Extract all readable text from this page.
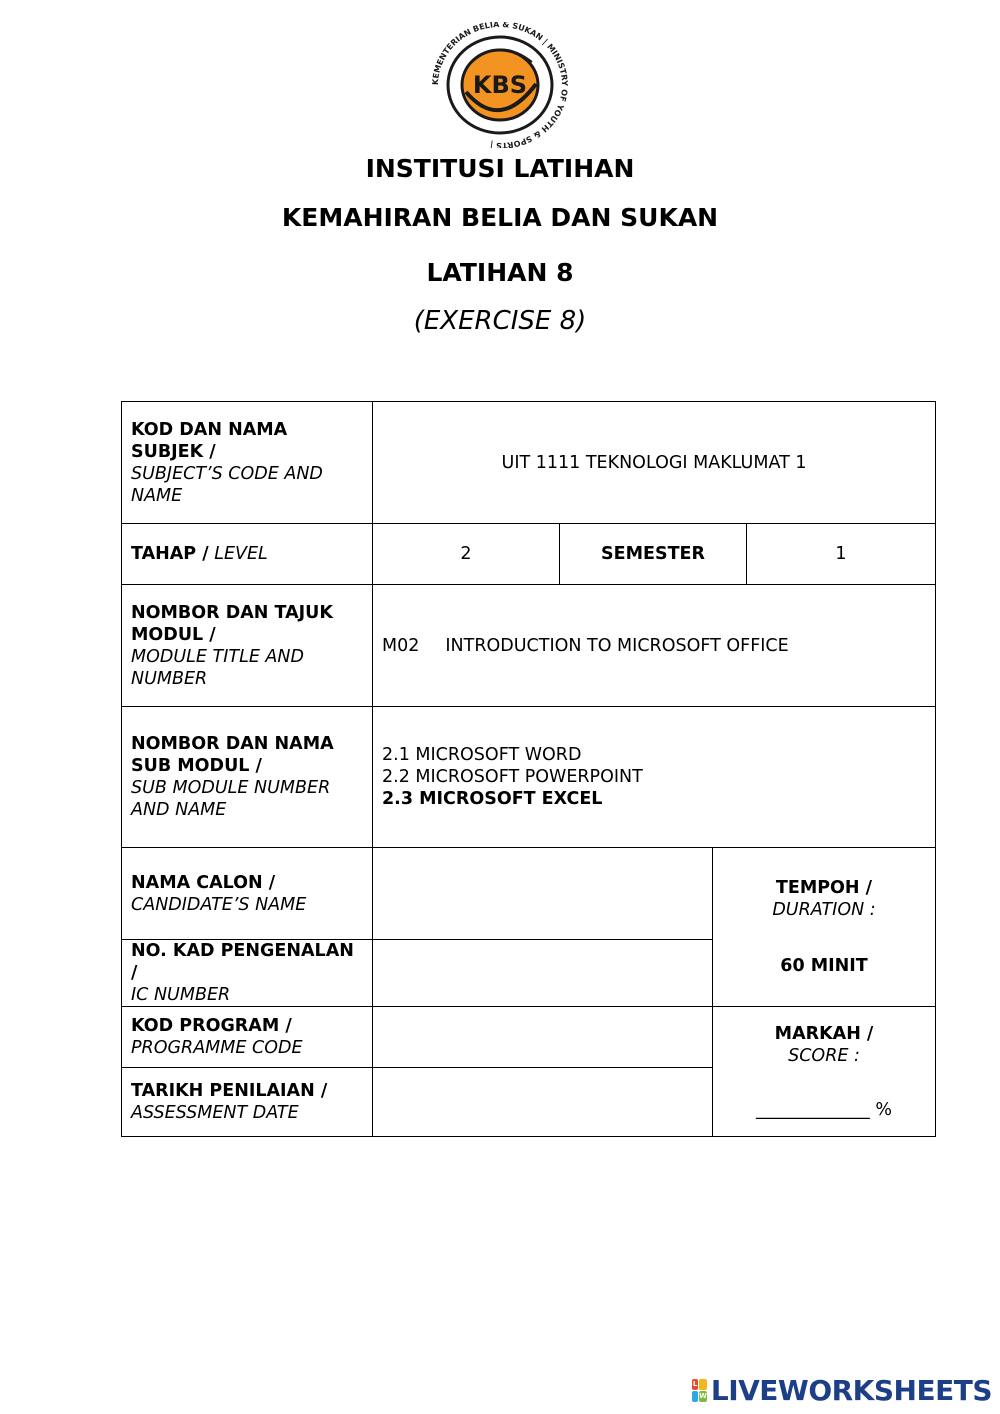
KBS
KEMENTERIAN BELIA & SUKAN | MINISTRY OF YOUTH & SPORTS |
INSTITUSI LATIHAN
KEMAHIRAN BELIA DAN SUKAN
LATIHAN 8
(EXERCISE 8)
KOD DAN NAMA SUBJEK /
SUBJECT’S CODE AND NAME	UIT 1111 TEKNOLOGI MAKLUMAT 1			
TAHAP / LEVEL	2	SEMESTER		1

NOMBOR DAN TAJUK MODUL /
MODULE TITLE AND NUMBER	M02 INTRODUCTION TO MICROSOFT OFFICE			

NOMBOR DAN NAMA SUB MODUL /
SUB MODULE NUMBER AND NAME	2.1 MICROSOFT WORD
2.2 MICROSOFT POWERPOINT
2.3 MICROSOFT EXCEL			

NAMA CALON /
CANDIDATE’S NAME			TEMPOH /
DURATION :
60 MINIT	

NO. KAD PENGENALAN /
IC NUMBER				

KOD PROGRAM /
PROGRAMME CODE			MARKAH /
SCORE :
_____________ %	

TARIKH PENILAIAN /
ASSESSMENT DATE				

L
W LIVEWORKSHEETS
